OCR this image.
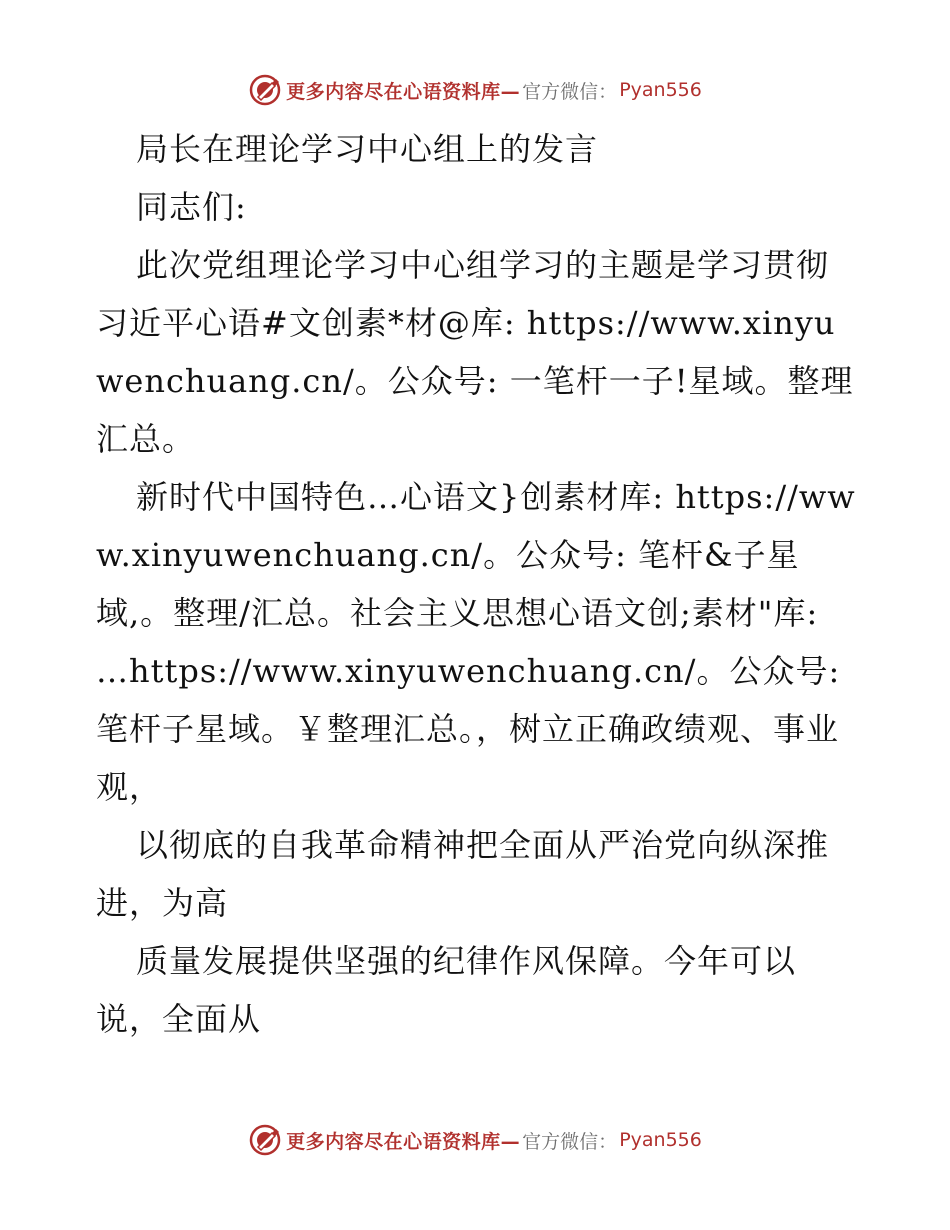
更多内容尽在心语资料库— 官方微信： Pyan556

局长在理论学习中心组上的发言

同志们:

此次党组理论学习中心组学习的主题是学习贯彻习近平心语#文创素*材@库: https://www.xinyuwenchuang.cn/。公众号: 一笔杆一子!星域。整理汇总。

新时代中国特色…心语文}创素材库: https://www.xinyuwenchuang.cn/。公众号: 笔杆&子星域,。整理/汇总。社会主义思想心语文创;素材"库: …https://www.xinyuwenchuang.cn/。公众号: 笔杆子星域。￥整理汇总。，树立正确政绩观、事业观，

以彻底的自我革命精神把全面从严治党向纵深推进，为高

质量发展提供坚强的纪律作风保障。今年可以说，全面从

更多内容尽在心语资料库— 官方微信： Pyan556
